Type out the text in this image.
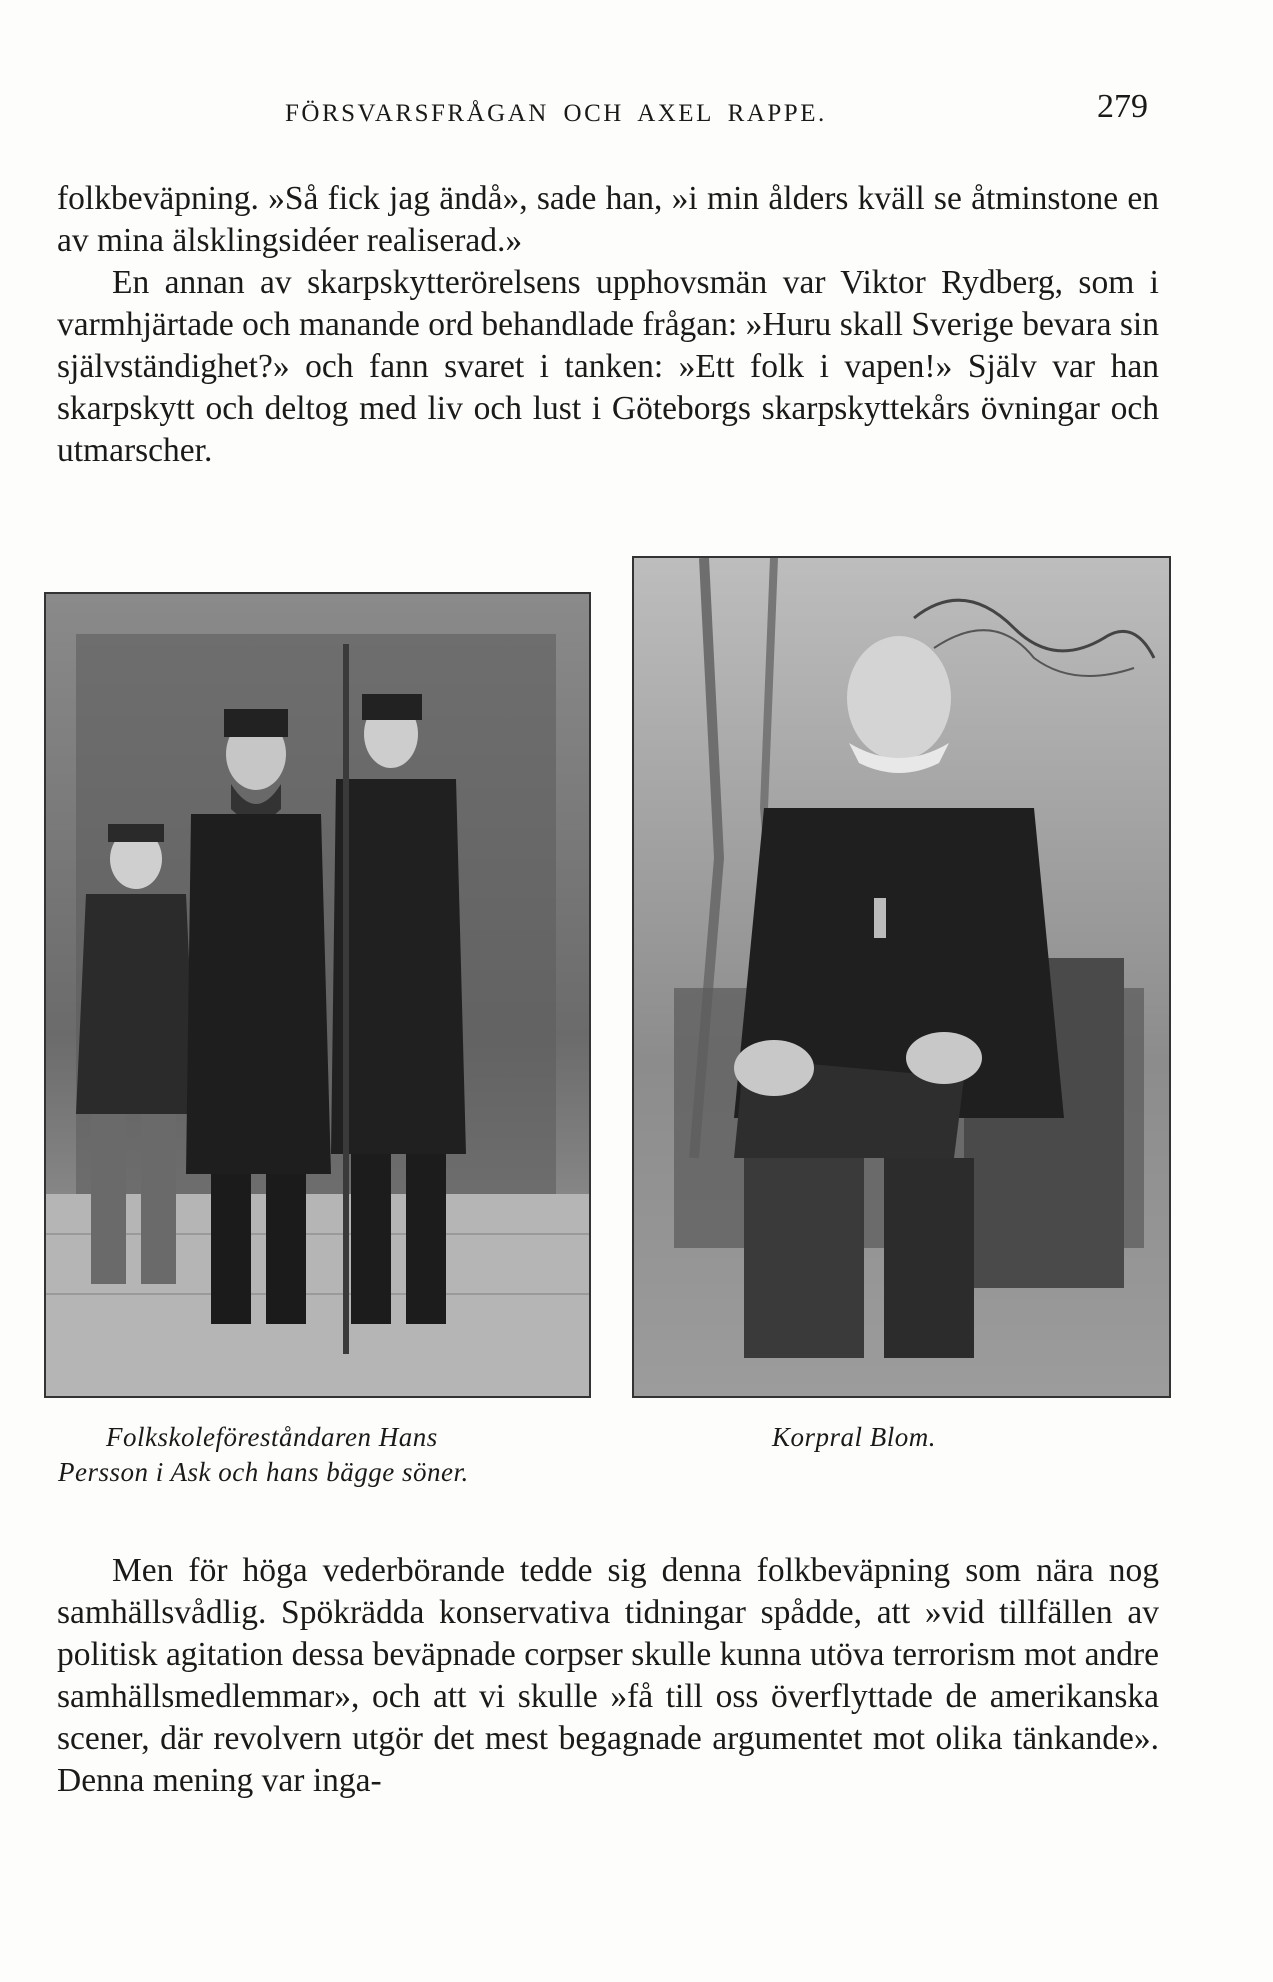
FÖRSVARSFRÅGAN OCH AXEL RAPPE.	279

folkbeväpning. »Så fick jag ändå», sade han, »i min ålders kväll se åtminstone en av mina älsklingsidéer realiserad.»

En annan av skarpskytterörelsens upphovsmän var Viktor Rydberg, som i varmhjärtade och manande ord behandlade frågan: »Huru skall Sverige bevara sin självständighet?» och fann svaret i tanken: »Ett folk i vapen!» Själv var han skarpskytt och deltog med liv och lust i Göteborgs skarpskyttekårs övningar och utmarscher.

Folkskoleföreståndaren Hans
Persson i Ask och hans bägge söner.
Korpral Blom.

Men för höga vederbörande tedde sig denna folkbeväpning som nära nog samhällsvådlig. Spökrädda konservativa tidningar spådde, att »vid tillfällen av politisk agitation dessa beväpnade corpser skulle kunna utöva terrorism mot andre samhällsmedlemmar», och att vi skulle »få till oss överflyttade de amerikanska scener, där revolvern utgör det mest begagnade argumentet mot olika tänkande». Denna mening var inga-
